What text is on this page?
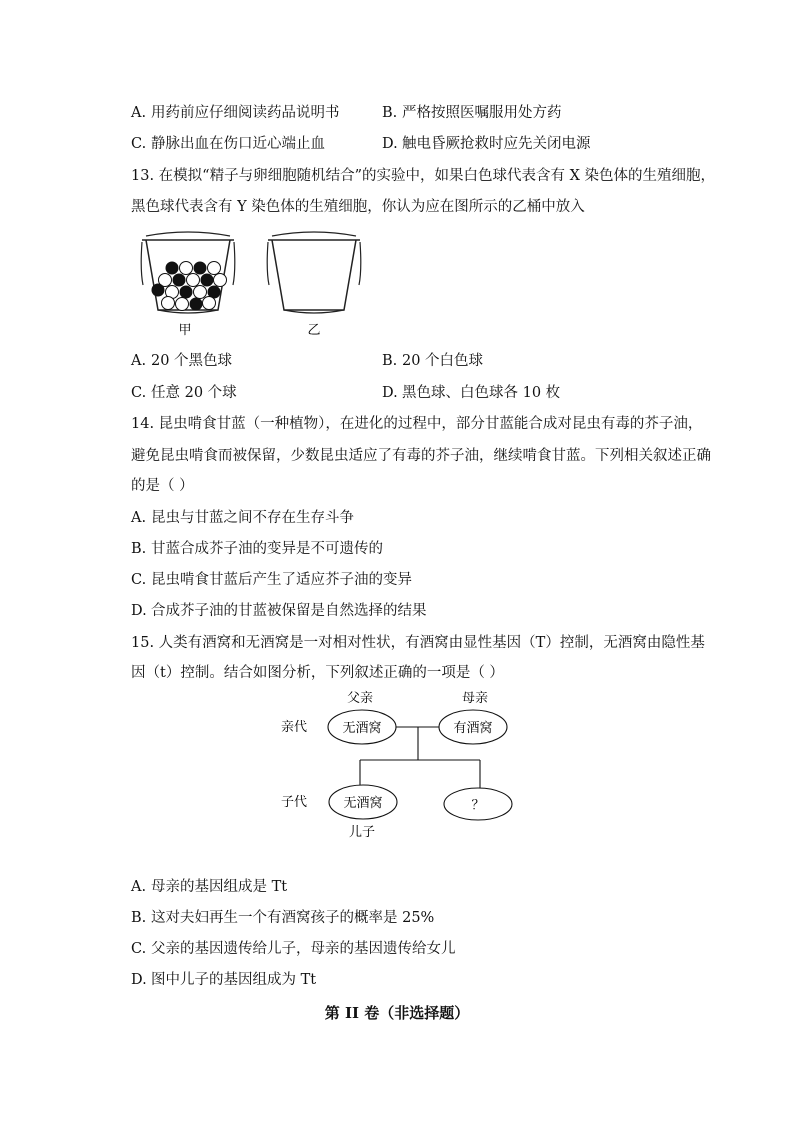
A. 用药前应仔细阅读药品说明书	B. 严格按照医嘱服用处方药
C. 静脉出血在伤口近心端止血	D. 触电昏厥抢救时应先关闭电源
13. 在模拟“精子与卵细胞随机结合”的实验中，如果白色球代表含有 X 染色体的生殖细胞，
黑色球代表含有 Y 染色体的生殖细胞，你认为应在图所示的乙桶中放入
甲	乙
A. 20 个黑色球	B. 20 个白色球
C. 任意 20 个球	D. 黑色球、白色球各 10 枚
14. 昆虫啃食甘蓝（一种植物），在进化的过程中，部分甘蓝能合成对昆虫有毒的芥子油，
避免昆虫啃食而被保留，少数昆虫适应了有毒的芥子油，继续啃食甘蓝。下列相关叙述正确
的是（ ）
A. 昆虫与甘蓝之间不存在生存斗争
B. 甘蓝合成芥子油的变异是不可遗传的
C. 昆虫啃食甘蓝后产生了适应芥子油的变异
D. 合成芥子油的甘蓝被保留是自然选择的结果
15. 人类有酒窝和无酒窝是一对相对性状，有酒窝由显性基因（T）控制，无酒窝由隐性基
因（t）控制。结合如图分析，下列叙述正确的一项是（ ）
父亲	母亲
亲代	无酒窝	有酒窝
子代	无酒窝	？
儿子
A. 母亲的基因组成是 Tt
B. 这对夫妇再生一个有酒窝孩子的概率是 25%
C. 父亲的基因遗传给儿子，母亲的基因遗传给女儿
D. 图中儿子的基因组成为 Tt
第 II 卷（非选择题）
